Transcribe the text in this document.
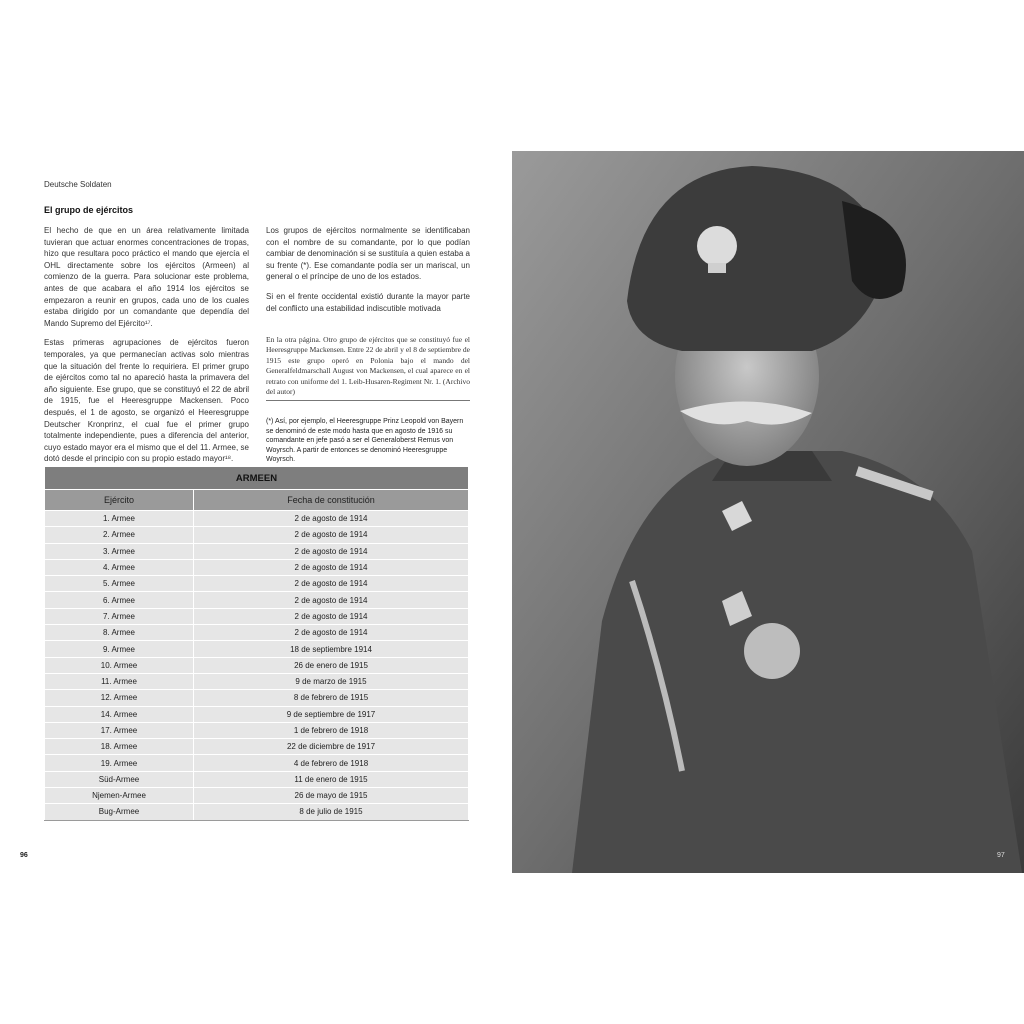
Deutsche Soldaten
El grupo de ejércitos

El hecho de que en un área relativamente limitada tuvieran que actuar enormes concentraciones de tropas, hizo que resultara poco práctico el mando que ejercía el OHL directamente sobre los ejércitos (Armeen) al comienzo de la guerra. Para solucionar este problema, antes de que acabara el año 1914 los ejércitos se empezaron a reunir en grupos, cada uno de los cuales estaba dirigido por un comandante que dependía del Mando Supremo del Ejército¹⁷.

Estas primeras agrupaciones de ejércitos fueron temporales, ya que permanecían activas solo mientras que la situación del frente lo requiriera. El primer grupo de ejércitos como tal no apareció hasta la primavera del año siguiente. Ese grupo, que se constituyó el 22 de abril de 1915, fue el Heeresgruppe Mackensen. Poco después, el 1 de agosto, se organizó el Heeresgruppe Deutscher Kronprinz, el cual fue el primer grupo totalmente independiente, pues a diferencia del anterior, cuyo estado mayor era el mismo que el del 11. Armee, se dotó desde el principio con su propio estado mayor¹⁸.

Los grupos de ejércitos normalmente se identificaban con el nombre de su comandante, por lo que podían cambiar de denominación si se sustituía a quien estaba a su frente (*). Ese comandante podía ser un mariscal, un general o el príncipe de uno de los estados.

Si en el frente occidental existió durante la mayor parte del conflicto una estabilidad indiscutible motivada

En la otra página. Otro grupo de ejércitos que se constituyó fue el Heeresgruppe Mackensen. Entre 22 de abril y el 8 de septiembre de 1915 este grupo operó en Polonia bajo el mando del Generalfeldmarschall August von Mackensen, el cual aparece en el retrato con uniforme del 1. Leib-Husaren-Regiment Nr. 1. (Archivo del autor)
(*) Así, por ejemplo, el Heeresgruppe Prinz Leopold von Bayern se denominó de este modo hasta que en agosto de 1916 su comandante en jefe pasó a ser el Generaloberst Remus von Woyrsch. A partir de entonces se denominó Heeresgruppe Woyrsch.
ARMEEN	
Ejército	Fecha de constitución
1. Armee	2 de agosto de 1914
2. Armee	2 de agosto de 1914
3. Armee	2 de agosto de 1914
4. Armee	2 de agosto de 1914
5. Armee	2 de agosto de 1914
6. Armee	2 de agosto de 1914
7. Armee	2 de agosto de 1914
8. Armee	2 de agosto de 1914
9. Armee	18 de septiembre 1914
10. Armee	26 de enero de 1915
11. Armee	9 de marzo de 1915
12. Armee	8 de febrero de 1915
14. Armee	9 de septiembre de 1917
17. Armee	1 de febrero de 1918
18. Armee	22 de diciembre de 1917
19. Armee	4 de febrero de 1918
Süd-Armee	11 de enero de 1915
Njemen-Armee	26 de mayo de 1915
Bug-Armee	8 de julio de 1915
96	97
